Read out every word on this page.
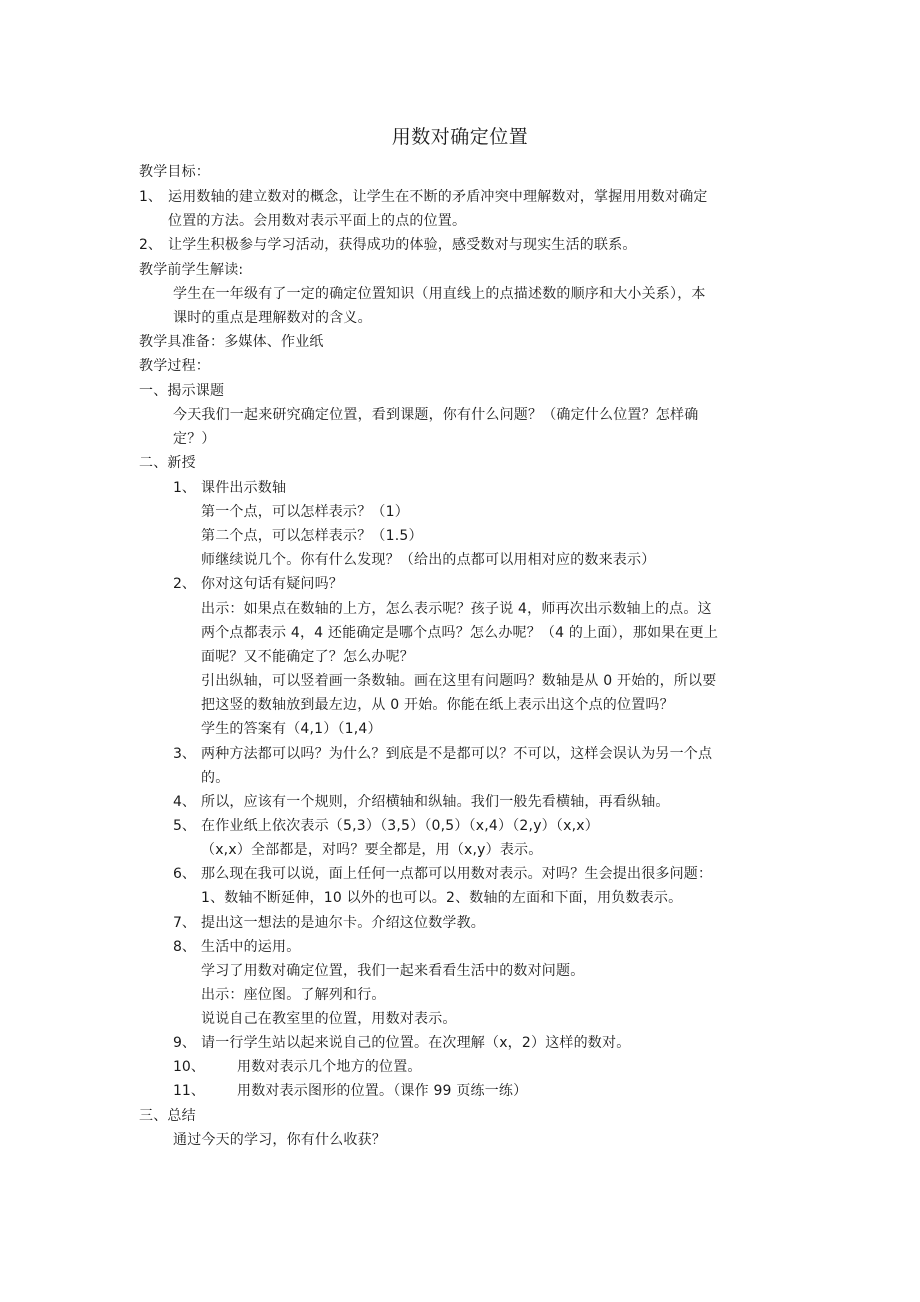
用数对确定位置
教学目标：
1、 运用数轴的建立数对的概念，让学生在不断的矛盾冲突中理解数对，掌握用用数对确定
位置的方法。会用数对表示平面上的点的位置。
2、 让学生积极参与学习活动，获得成功的体验，感受数对与现实生活的联系。
教学前学生解读:
学生在一年级有了一定的确定位置知识（用直线上的点描述数的顺序和大小关系），本
课时的重点是理解数对的含义。
教学具准备：多媒体、作业纸
教学过程：
一、揭示课题
今天我们一起来研究确定位置，看到课题，你有什么问题？（确定什么位置？怎样确
定？）
二、新授
1、 课件出示数轴
第一个点，可以怎样表示？（1）
第二个点，可以怎样表示？（1.5）
师继续说几个。你有什么发现？（给出的点都可以用相对应的数来表示）
2、 你对这句话有疑问吗？
出示：如果点在数轴的上方，怎么表示呢？孩子说 4，师再次出示数轴上的点。这
两个点都表示 4，4 还能确定是哪个点吗？怎么办呢？（4 的上面），那如果在更上
面呢？又不能确定了？怎么办呢？
引出纵轴，可以竖着画一条数轴。画在这里有问题吗？数轴是从 0 开始的，所以要
把这竖的数轴放到最左边，从 0 开始。你能在纸上表示出这个点的位置吗？
学生的答案有（4,1）（1,4）
3、 两种方法都可以吗？为什么？到底是不是都可以？不可以，这样会误认为另一个点
的。
4、 所以，应该有一个规则，介绍横轴和纵轴。我们一般先看横轴，再看纵轴。
5、 在作业纸上依次表示（5,3）（3,5）（0,5）（x,4）（2,y）（x,x）
（x,x）全部都是，对吗？要全都是，用（x,y）表示。
6、 那么现在我可以说，面上任何一点都可以用数对表示。对吗？生会提出很多问题：
1、数轴不断延伸，10 以外的也可以。2、数轴的左面和下面，用负数表示。
7、 提出这一想法的是迪尔卡。介绍这位数学教。
8、 生活中的运用。
学习了用数对确定位置，我们一起来看看生活中的数对问题。
出示：座位图。了解列和行。
说说自己在教室里的位置，用数对表示。
9、 请一行学生站以起来说自己的位置。在次理解（x，2）这样的数对。
10、 用数对表示几个地方的位置。
11、 用数对表示图形的位置。（课作 99 页练一练）
三、总结
通过今天的学习，你有什么收获？
